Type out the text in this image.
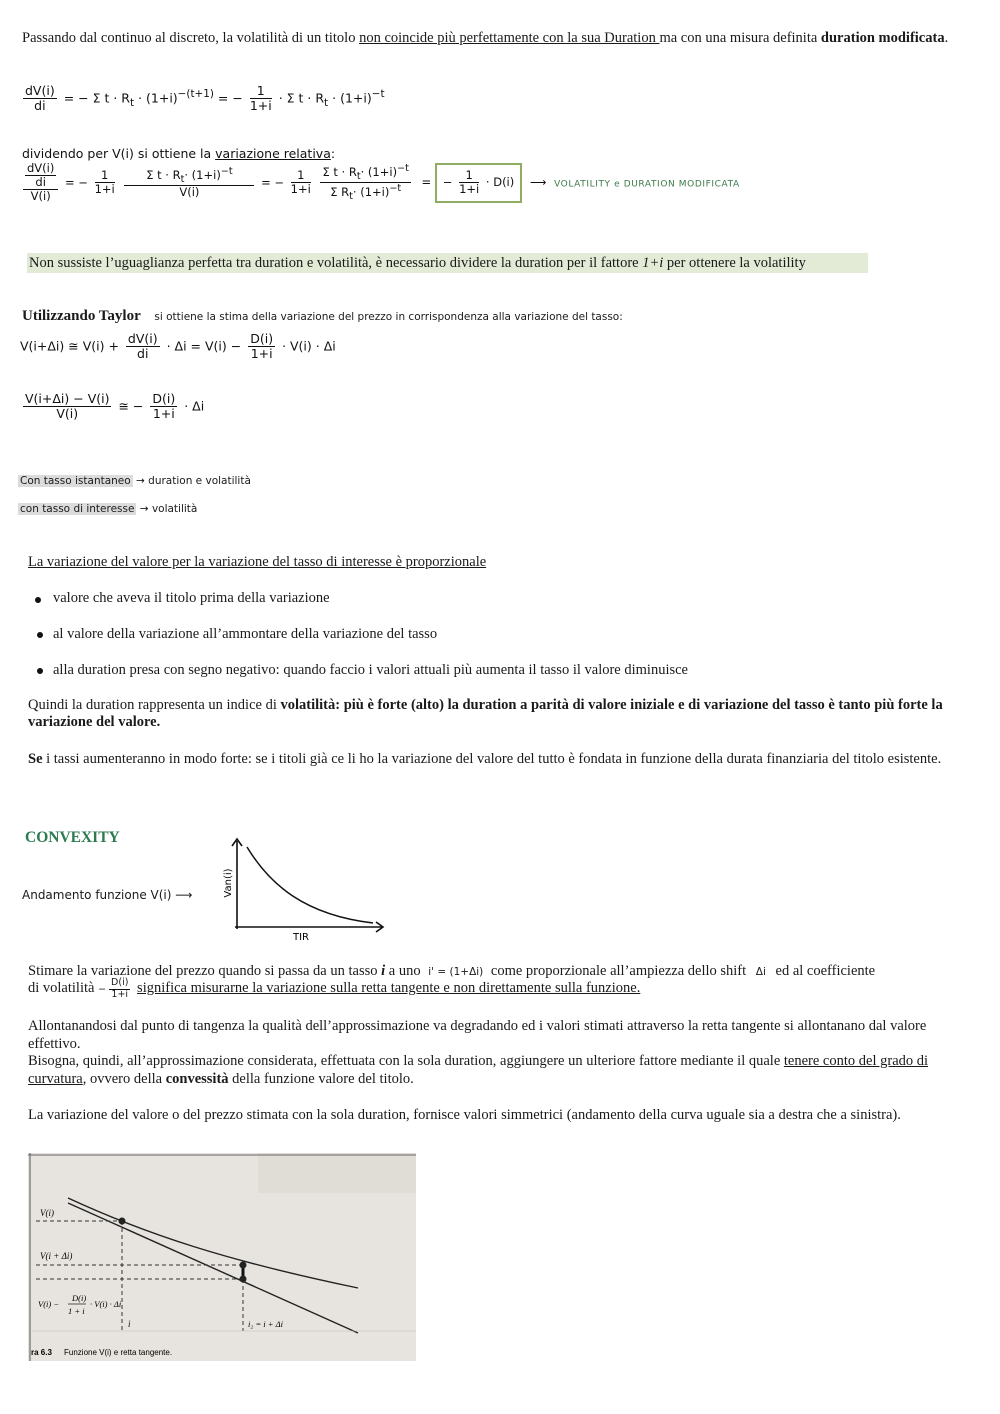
Passando dal continuo al discreto, la volatilità di un titolo non coincide più perfettamente con la sua Duration ma con una misura definita duration modificata.
$\frac{dV(i)}{di}$ = − Σ $t \cdot R_t \cdot (1+i)^{-(t+1)}$ = − $\frac{1}{1+i} \cdot \Sigma$ $t \cdot R_t \cdot (1+i)^{-t}$
dividendo per V(i) si ottiene la variazione relativa:
$\frac{\frac{dV(i)}{di}}{V(i)}$ = − $\frac{1}{1+i}$
$\frac{\Sigma t \cdot R_t\cdot (1+i)^{-t}}{V(i)}$ = − $\frac{1}{1+i}$
$\frac{\Sigma t \cdot R_t\cdot (1+i)^{-t}}{\Sigma R_t\cdot (1+i)^{-t}}$ = − $\frac{1}{1+i} \cdot D(i)$ ⟶ VOLATILITY e DURATION MODIFICATA
Non sussiste l’uguaglianza perfetta tra duration e volatilità, è necessario dividere la duration per il fattore 1+i per ottenere la volatility
Utilizzando Taylor si ottiene la stima della variazione del prezzo in corrispondenza alla variazione del tasso:
V(i+Δi) ≅ $V(i) + \frac{dV(i)}{di} \cdot \Delta i = V(i) - \frac{D(i)}{1+i} \cdot V(i) \cdot \Delta i$
$\frac{V(i+\Delta i) - V(i)}{V(i)}$ ≅ − $\frac{D(i)}{1+i} \cdot \Delta i$
Con tasso istantaneo → duration e volatilità
con tasso di interesse → volatilità
La variazione del valore per la variazione del tasso di interesse è proporzionale
valore che aveva il titolo prima della variazione
al valore della variazione all’ammontare della variazione del tasso
alla duration presa con segno negativo: quando faccio i valori attuali più aumenta il tasso il valore diminuisce
Quindi la duration rappresenta un indice di volatilità: più è forte (alto) la duration a parità di valore iniziale e di variazione del tasso è tanto più forte la variazione del valore.
Se i tassi aumenteranno in modo forte: se i titoli già ce li ho la variazione del valore del tutto è fondata in funzione della durata finanziaria del titolo esistente.
CONVEXITY
Andamento funzione V(i) ⟶	Van(i)
TIR
Stimare la variazione del prezzo quando si passa da un tasso i a uno i' = (1+Δi) come proporzionale all’ampiezza dello shift Δi ed al coefficiente
di volatilità − $\frac{D(i)}{1+i}$ significa misurarne la variazione sulla retta tangente e non direttamente sulla funzione.
Allontanandosi dal punto di tangenza la qualità dell’approssimazione va degradando ed i valori stimati attraverso la retta tangente si allontanano dal valore effettivo.
Bisogna, quindi, all’approssimazione considerata, effettuata con la sola duration, aggiungere un ulteriore fattore mediante il quale tenere conto del grado di curvatura, ovvero della convessità della funzione valore del titolo.
La variazione del valore o del prezzo stimata con la sola duration, fornisce valori simmetrici (andamento della curva uguale sia a destra che a sinistra).
V(i)
V(i + Δi)
V(i) −
D(i)
1 + i
· V(i) · Δi
i	i₂ = i + Δi
ra 6.3 Funzione V(i) e retta tangente.
